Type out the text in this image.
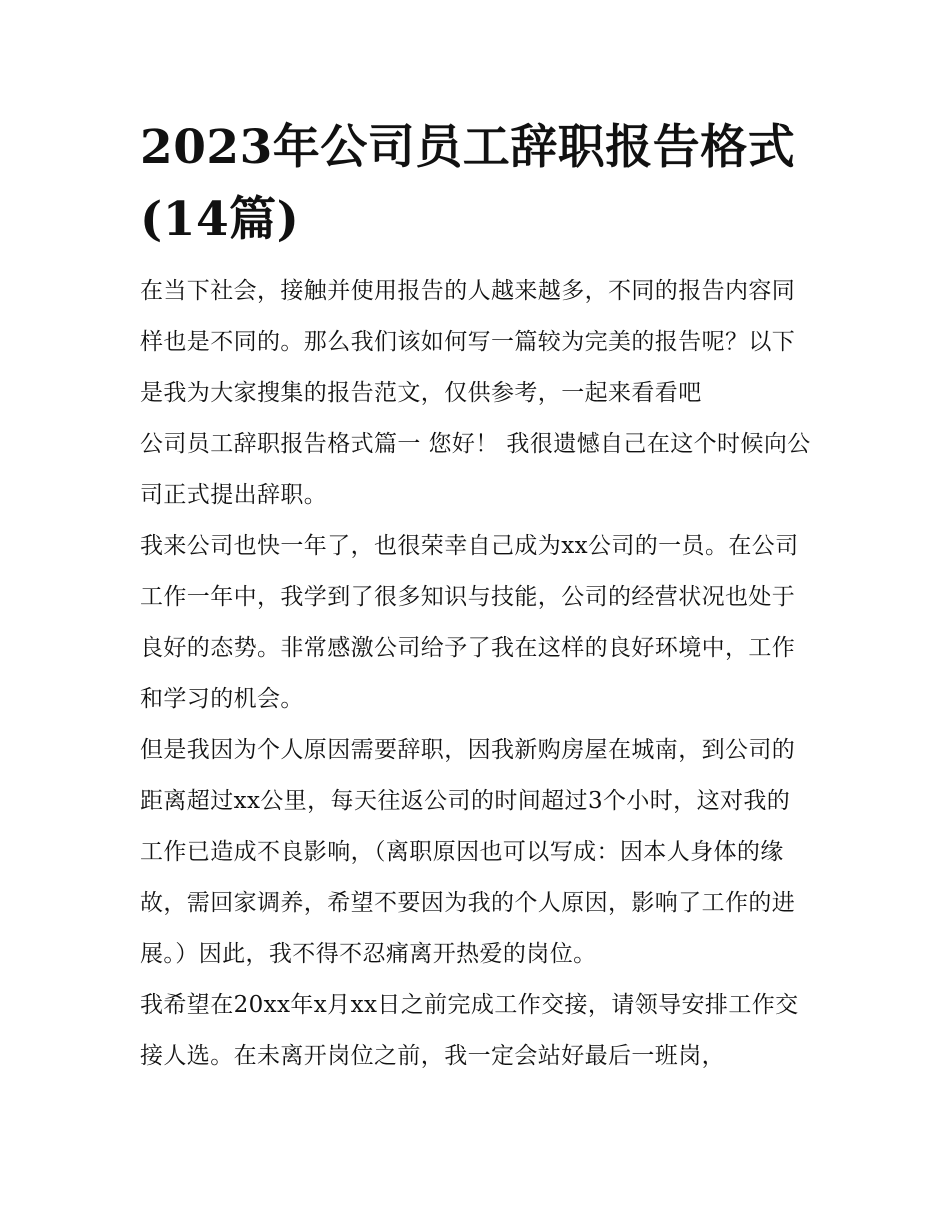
2023年公司员工辞职报告格式(14篇)

在当下社会，接触并使用报告的人越来越多，不同的报告内容同样也是不同的。那么我们该如何写一篇较为完美的报告呢？以下是我为大家搜集的报告范文，仅供参考，一起来看看吧

公司员工辞职报告格式篇一 您好！ 我很遗憾自己在这个时候向公司正式提出辞职。

我来公司也快一年了，也很荣幸自己成为xx公司的一员。在公司工作一年中，我学到了很多知识与技能，公司的经营状况也处于良好的态势。非常感激公司给予了我在这样的良好环境中，工作和学习的机会。

但是我因为个人原因需要辞职，因我新购房屋在城南，到公司的距离超过xx公里，每天往返公司的时间超过3个小时，这对我的工作已造成不良影响，（离职原因也可以写成：因本人身体的缘故，需回家调养，希望不要因为我的个人原因，影响了工作的进展。）因此，我不得不忍痛离开热爱的岗位。

我希望在20xx年x月xx日之前完成工作交接，请领导安排工作交接人选。在未离开岗位之前，我一定会站好最后一班岗，
